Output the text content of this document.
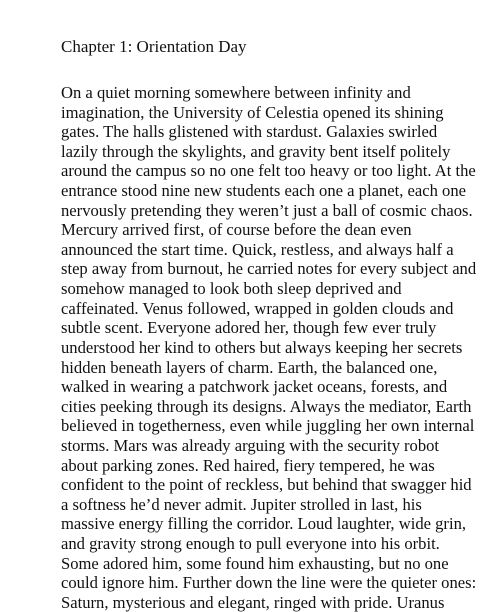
Chapter 1: Orientation Day
On a quiet morning somewhere between infinity and
imagination, the University of Celestia opened its shining
gates. The halls glistened with stardust. Galaxies swirled
lazily through the skylights, and gravity bent itself politely
around the campus so no one felt too heavy or too light. At the
entrance stood nine new students each one a planet, each one
nervously pretending they weren’t just a ball of cosmic chaos.
Mercury arrived first, of course before the dean even
announced the start time. Quick, restless, and always half a
step away from burnout, he carried notes for every subject and
somehow managed to look both sleep deprived and
caffeinated. Venus followed, wrapped in golden clouds and
subtle scent. Everyone adored her, though few ever truly
understood her kind to others but always keeping her secrets
hidden beneath layers of charm. Earth, the balanced one,
walked in wearing a patchwork jacket oceans, forests, and
cities peeking through its designs. Always the mediator, Earth
believed in togetherness, even while juggling her own internal
storms. Mars was already arguing with the security robot
about parking zones. Red haired, fiery tempered, he was
confident to the point of reckless, but behind that swagger hid
a softness he’d never admit. Jupiter strolled in last, his
massive energy filling the corridor. Loud laughter, wide grin,
and gravity strong enough to pull everyone into his orbit.
Some adored him, some found him exhausting, but no one
could ignore him. Further down the line were the quieter ones:
Saturn, mysterious and elegant, ringed with pride. Uranus
